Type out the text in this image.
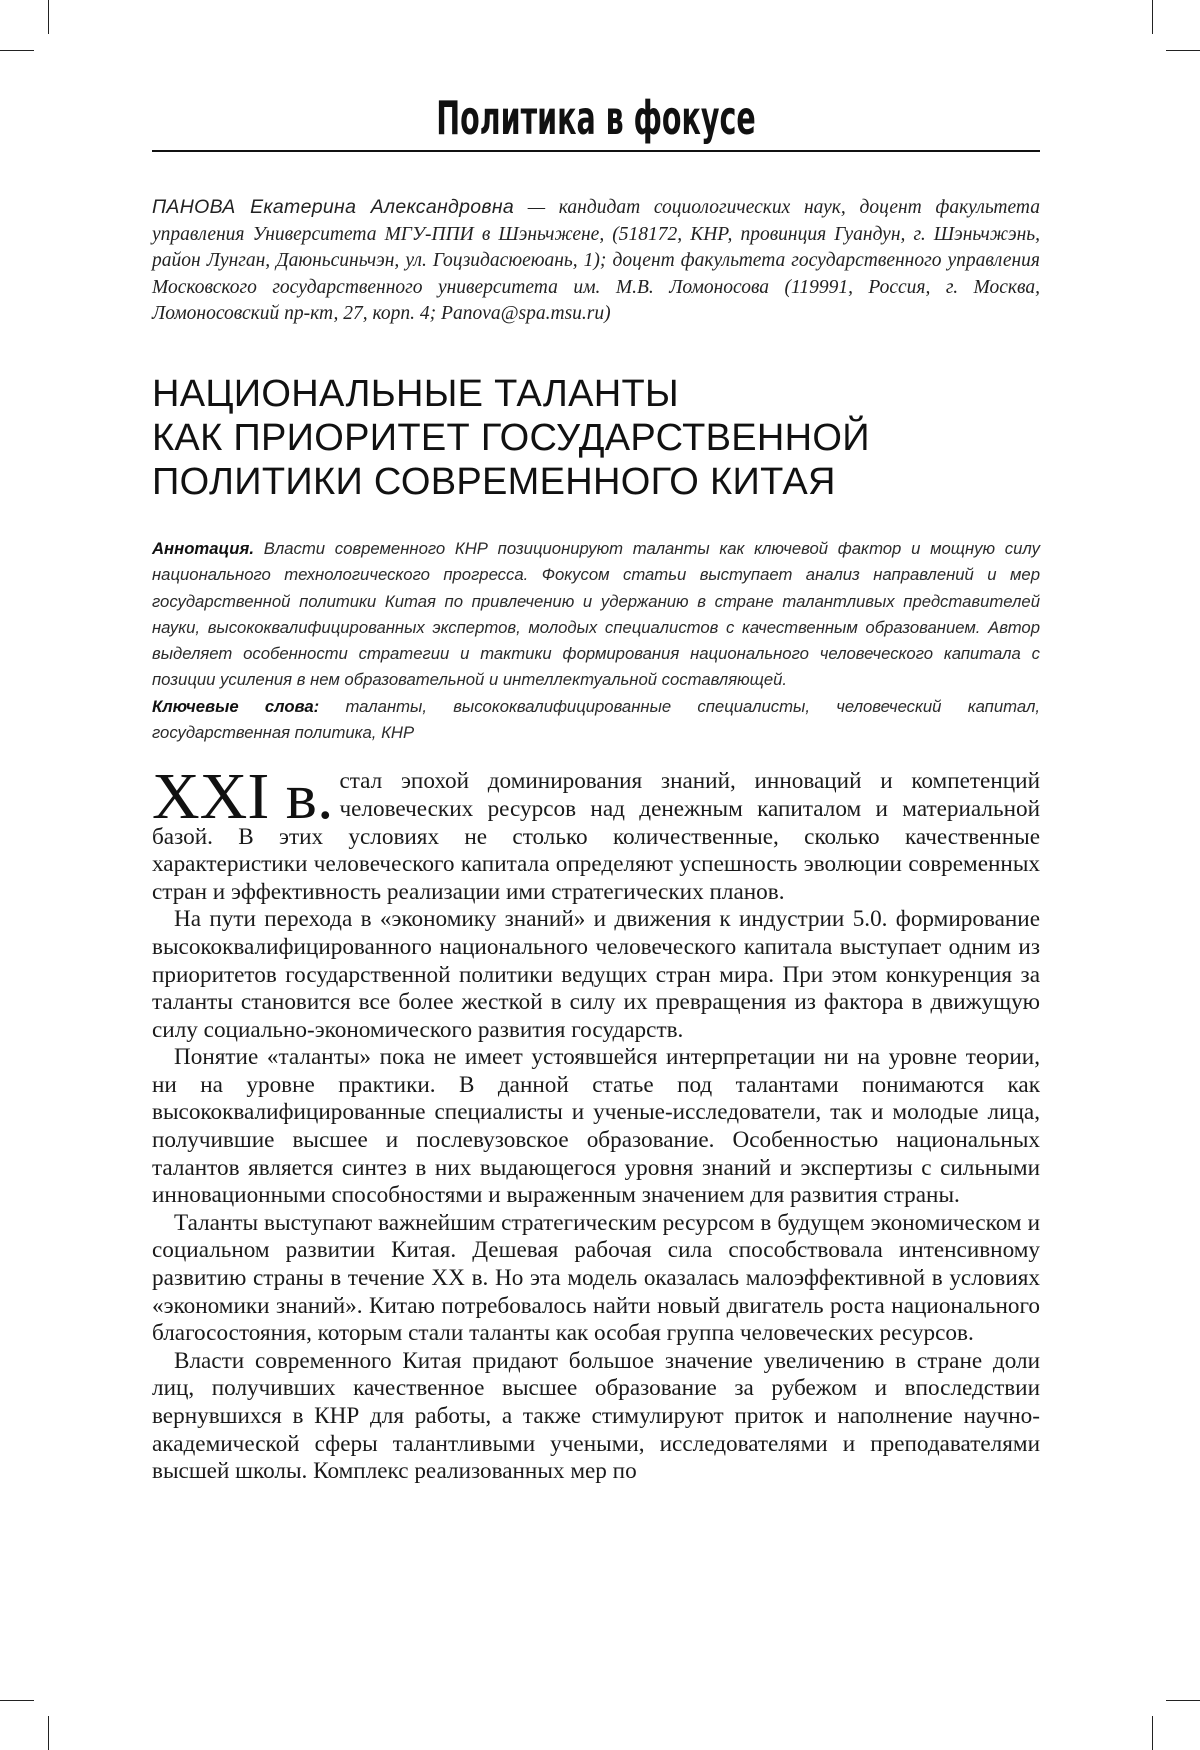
Политика в фокусе
ПАНОВА Екатерина Александровна — кандидат социологических наук, доцент факультета управления Университета МГУ-ППИ в Шэньчжене, (518172, КНР, провинция Гуандун, г. Шэньчжэнь, район Лунган, Даюньсиньчэн, ул. Гоцзидасюеюань, 1); доцент факультета государственного управления Московского государственного университета им. М.В. Ломоносова (119991, Россия, г. Москва, Ломоносовский пр-кт, 27, корп. 4; Panova@spa.msu.ru)
НАЦИОНАЛЬНЫЕ ТАЛАНТЫ
КАК ПРИОРИТЕТ ГОСУДАРСТВЕННОЙ
ПОЛИТИКИ СОВРЕМЕННОГО КИТАЯ
Аннотация. Власти современного КНР позиционируют таланты как ключевой фактор и мощную силу национального технологического прогресса. Фокусом статьи выступает анализ направлений и мер государственной политики Китая по привлечению и удержанию в стране талантливых представителей науки, высококвалифицированных экспертов, молодых специалистов с качественным образованием. Автор выделяет особенности стратегии и тактики формирования национального человеческого капитала с позиции усиления в нем образовательной и интеллектуальной составляющей.
Ключевые слова: таланты, высококвалифицированные специалисты, человеческий капитал, государственная политика, КНР

XXI в. стал эпохой доминирования знаний, инноваций и компетенций человеческих ресурсов над денежным капиталом и материальной базой. В этих условиях не столько количественные, сколько качественные характеристики человеческого капитала определяют успешность эволюции современных стран и эффективность реализации ими стратегических планов.

На пути перехода в «экономику знаний» и движения к индустрии 5.0. формирование высококвалифицированного национального человеческого капитала выступает одним из приоритетов государственной политики ведущих стран мира. При этом конкуренция за таланты становится все более жесткой в силу их превращения из фактора в движущую силу социально-экономического развития государств.

Понятие «таланты» пока не имеет устоявшейся интерпретации ни на уровне теории, ни на уровне практики. В данной статье под талантами понимаются как высококвалифицированные специалисты и ученые-исследователи, так и молодые лица, получившие высшее и послевузовское образование. Особенностью национальных талантов является синтез в них выдающегося уровня знаний и экспертизы с сильными инновационными способностями и выраженным значением для развития страны.

Таланты выступают важнейшим стратегическим ресурсом в будущем экономическом и социальном развитии Китая. Дешевая рабочая сила способствовала интенсивному развитию страны в течение XX в. Но эта модель оказалась малоэффективной в условиях «экономики знаний». Китаю потребовалось найти новый двигатель роста национального благосостояния, которым стали таланты как особая группа человеческих ресурсов.

Власти современного Китая придают большое значение увеличению в стране доли лиц, получивших качественное высшее образование за рубежом и впоследствии вернувшихся в КНР для работы, а также стимулируют приток и наполнение научно-академической сферы талантливыми учеными, исследователями и преподавателями высшей школы. Комплекс реализованных мер по
